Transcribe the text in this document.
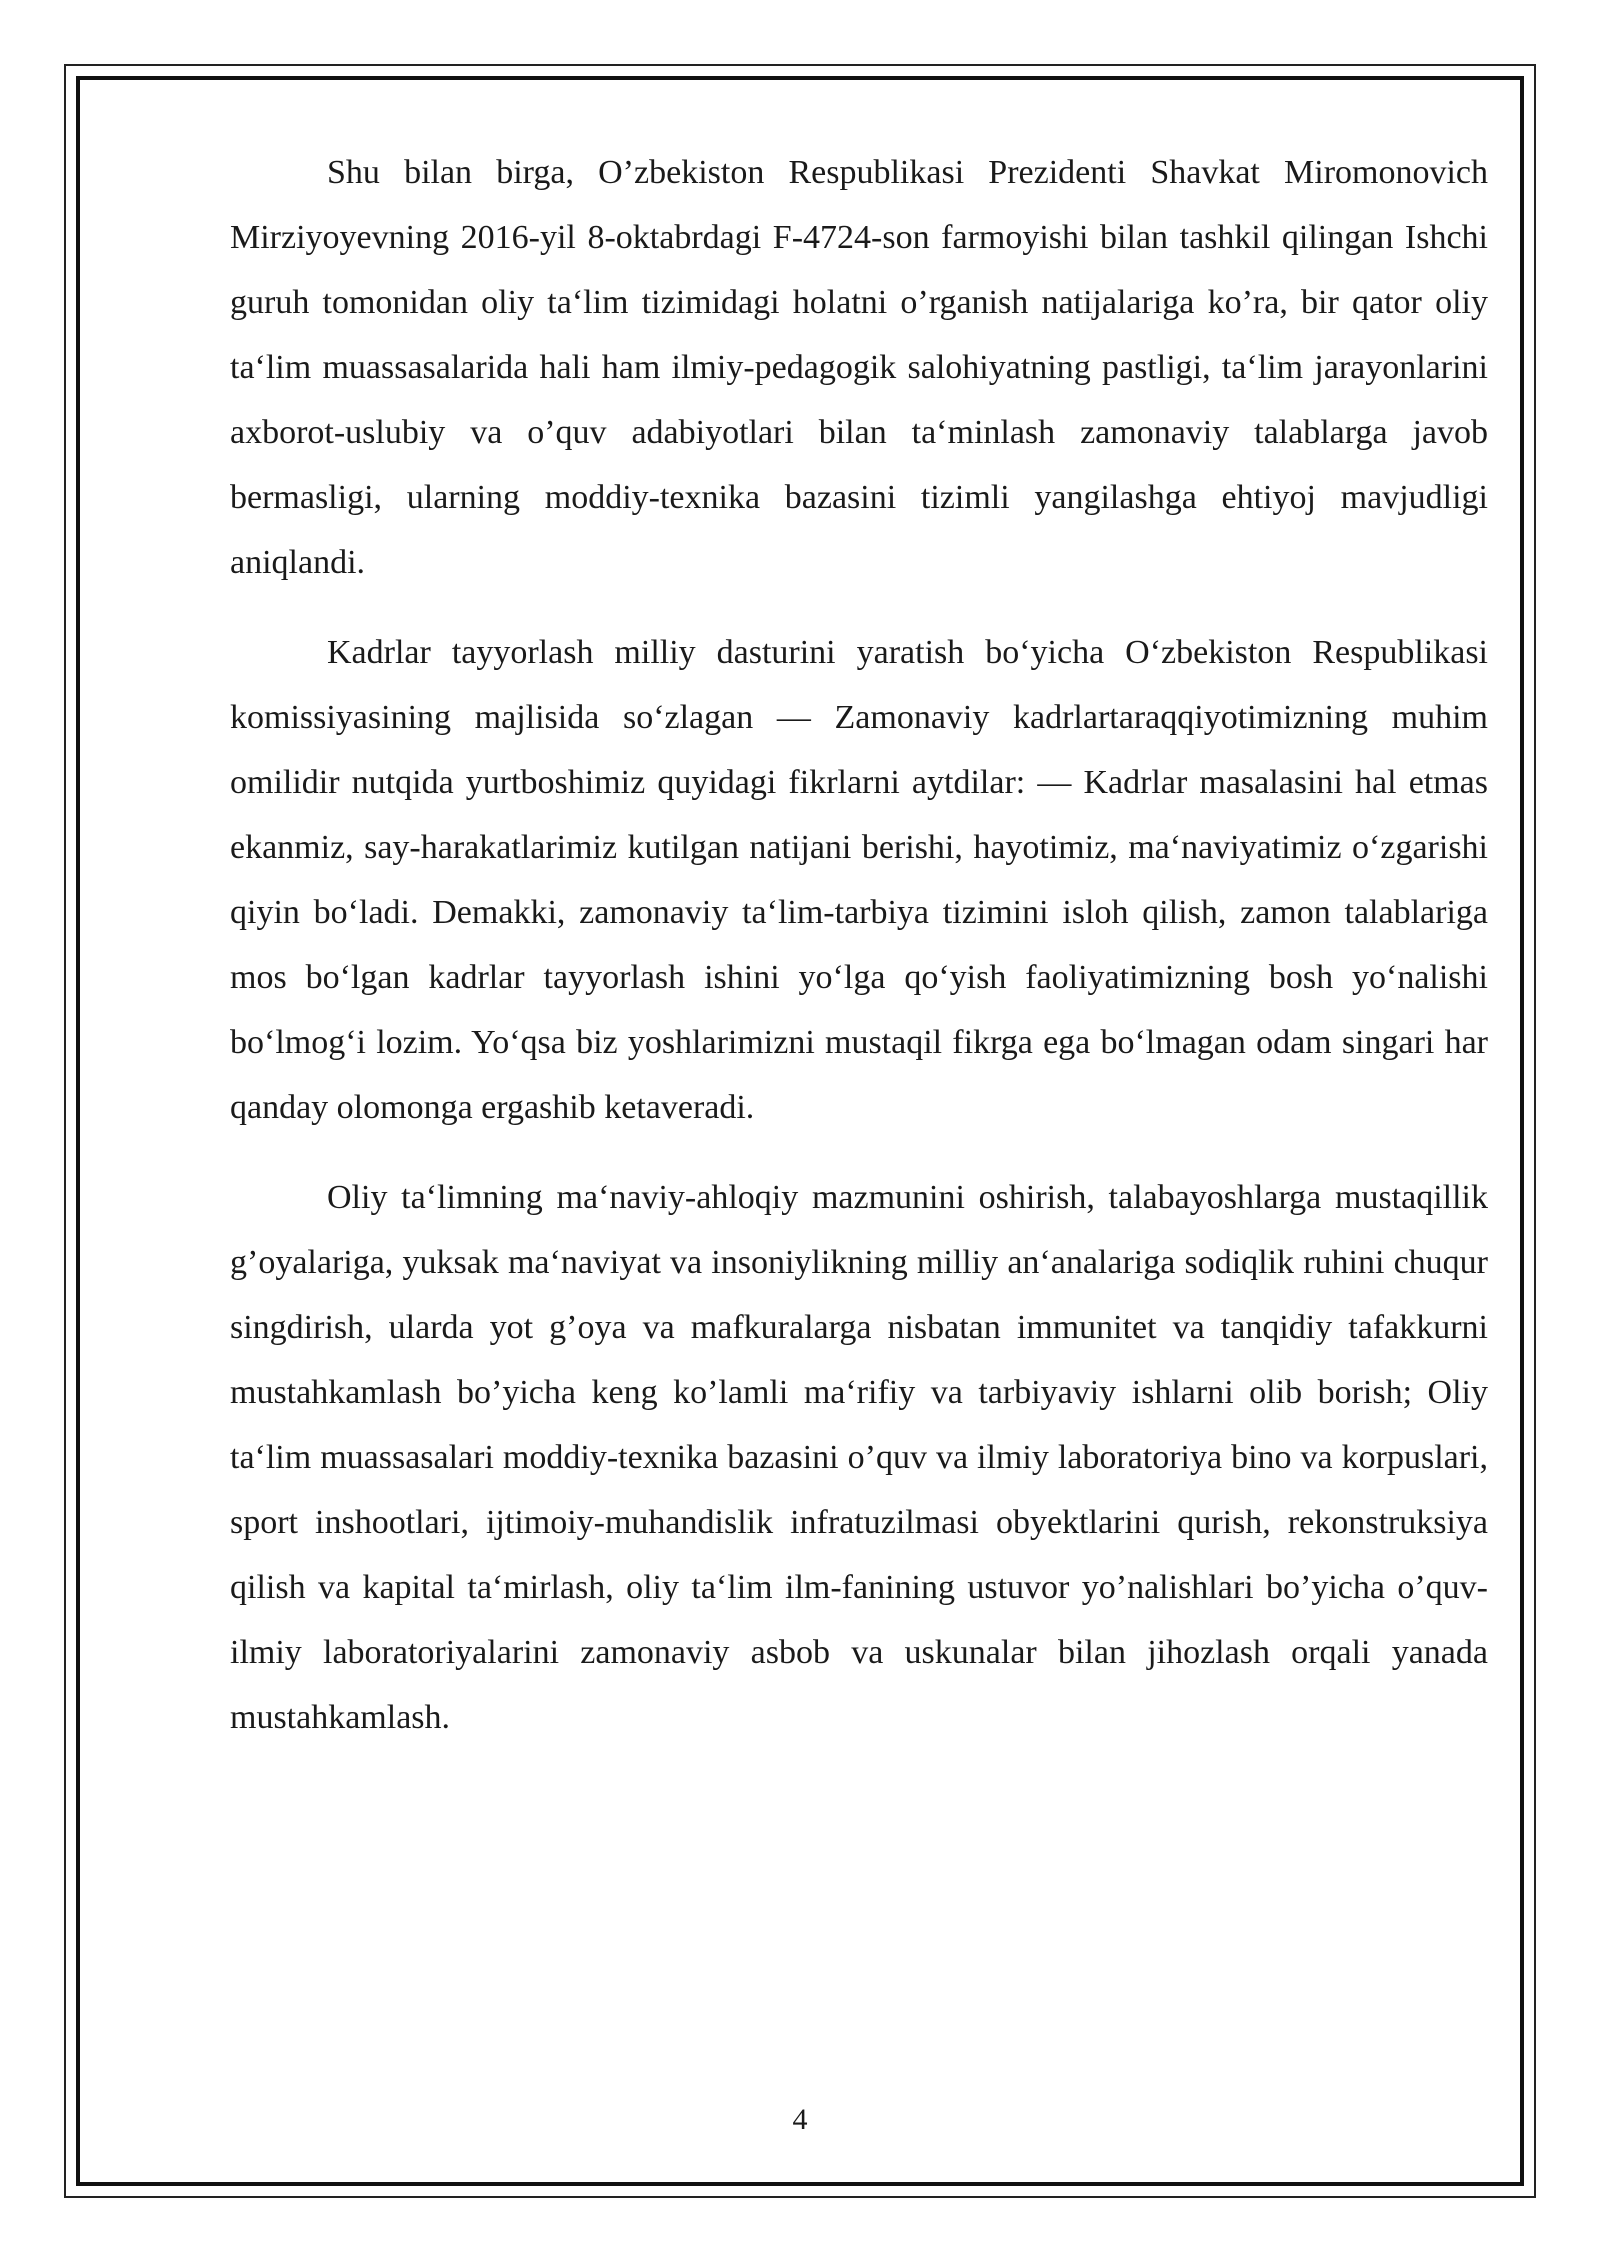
Shu bilan birga, O’zbekiston Respublikasi Prezidenti Shavkat Miromonovich Mirziyoyevning 2016-yil 8-oktabrdagi F-4724-son farmoyishi bilan tashkil qilingan Ishchi guruh tomonidan oliy ta‘lim tizimidagi holatni o’rganish natijalariga ko’ra, bir qator oliy ta‘lim muassasalarida hali ham ilmiy-pedagogik salohiyatning pastligi, ta‘lim jarayonlarini axborot-uslubiy va o’quv adabiyotlari bilan ta‘minlash zamonaviy talablarga javob bermasligi, ularning moddiy-texnika bazasini tizimli yangilashga ehtiyoj mavjudligi aniqlandi.

Kadrlar tayyorlash milliy dasturini yaratish bo‘yicha O‘zbekiston Respublikasi komissiyasining majlisida so‘zlagan — Zamonaviy kadrlartaraqqiyotimizning muhim omilidir nutqida yurtboshimiz quyidagi fikrlarni aytdilar: — Kadrlar masalasini hal etmas ekanmiz, say-harakatlarimiz kutilgan natijani berishi, hayotimiz, ma‘naviyatimiz o‘zgarishi qiyin bo‘ladi. Demakki, zamonaviy ta‘lim-tarbiya tizimini isloh qilish, zamon talablariga mos bo‘lgan kadrlar tayyorlash ishini yo‘lga qo‘yish faoliyatimizning bosh yo‘nalishi bo‘lmog‘i lozim. Yo‘qsa biz yoshlarimizni mustaqil fikrga ega bo‘lmagan odam singari har qanday olomonga ergashib ketaveradi.

Oliy ta‘limning ma‘naviy-ahloqiy mazmunini oshirish, talabayoshlarga mustaqillik g’oyalariga, yuksak ma‘naviyat va insoniylikning milliy an‘analariga sodiqlik ruhini chuqur singdirish, ularda yot g’oya va mafkuralarga nisbatan immunitet va tanqidiy tafakkurni mustahkamlash bo’yicha keng ko’lamli ma‘rifiy va tarbiyaviy ishlarni olib borish; Oliy ta‘lim muassasalari moddiy-texnika bazasini o’quv va ilmiy laboratoriya bino va korpuslari, sport inshootlari, ijtimoiy-muhandislik infratuzilmasi obyektlarini qurish, rekonstruksiya qilish va kapital ta‘mirlash, oliy ta‘lim ilm-fanining ustuvor yo’nalishlari bo’yicha o’quv-ilmiy laboratoriyalarini zamonaviy asbob va uskunalar bilan jihozlash orqali yanada mustahkamlash.

4
